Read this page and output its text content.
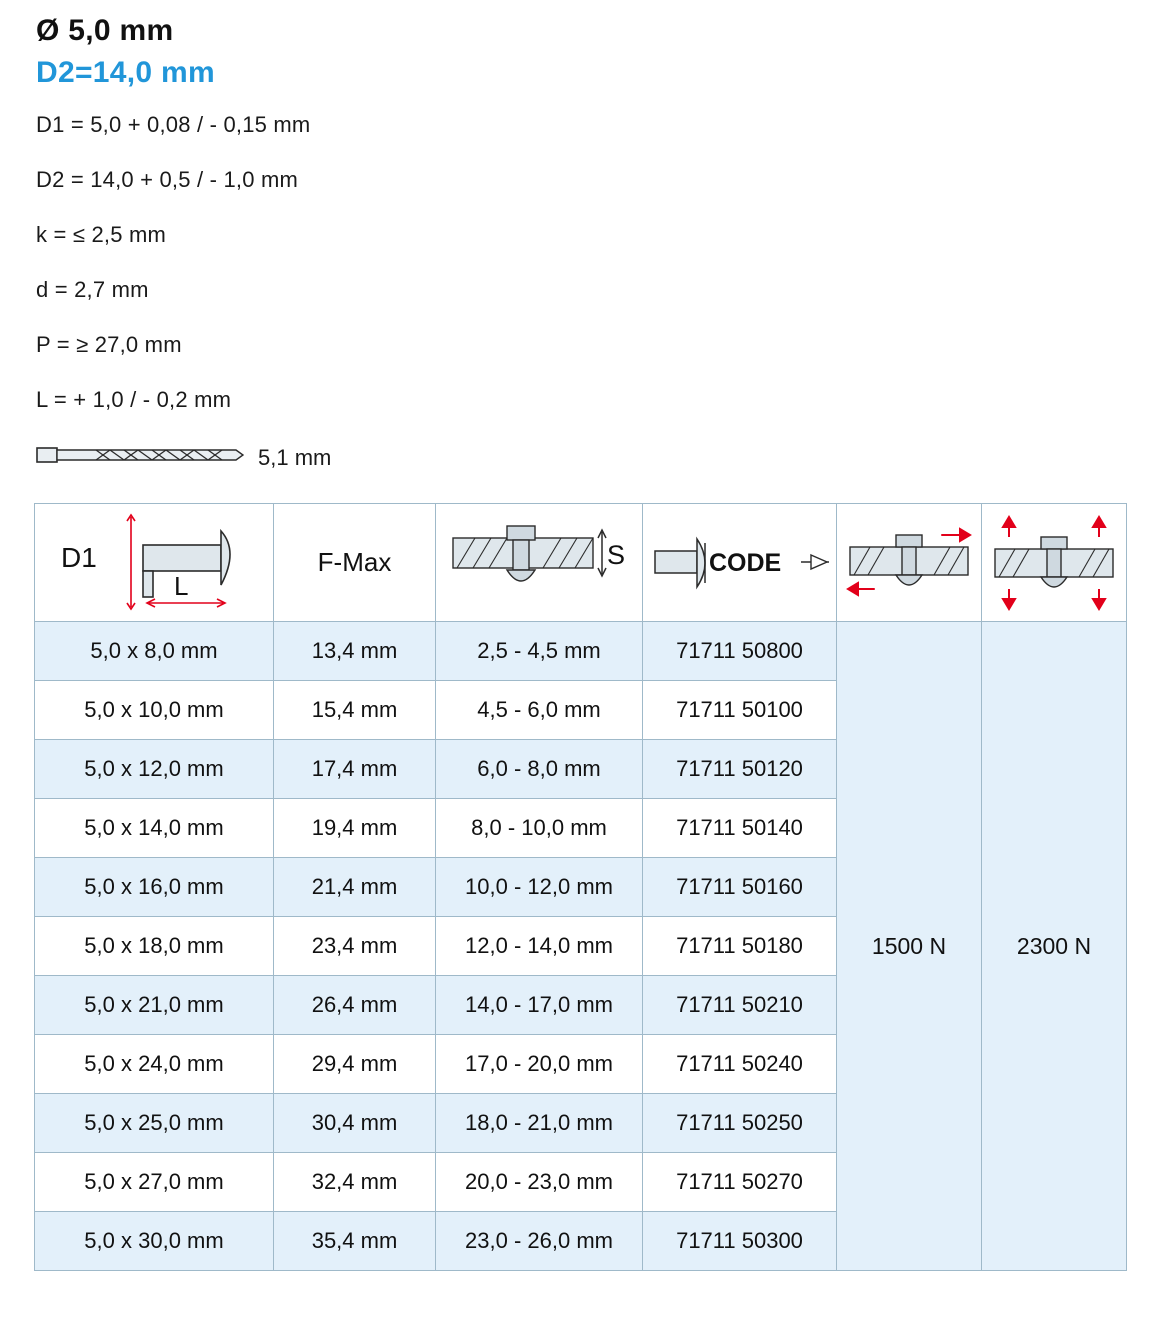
Ø 5,0 mm
D2=14,0 mm
D1 = 5,0 + 0,08 / - 0,15 mm
D2 = 14,0 + 0,5 / - 1,0 mm
k = ≤ 2,5 mm
d = 2,7 mm
P = ≥ 27,0 mm
L = + 1,0 / - 0,2 mm
5,1 mm
D1
L	F-Max	S	CODE

5,0 x 8,0 mm	13,4 mm	2,5 - 4,5 mm	71711 50800	1500 N	2300 N
5,0 x 10,0 mm	15,4 mm	4,5 - 6,0 mm	71711 50100		
5,0 x 12,0 mm	17,4 mm	6,0 - 8,0 mm	71711 50120		
5,0 x 14,0 mm	19,4 mm	8,0 - 10,0 mm	71711 50140		
5,0 x 16,0 mm	21,4 mm	10,0 - 12,0 mm	71711 50160		
5,0 x 18,0 mm	23,4 mm	12,0 - 14,0 mm	71711 50180		
5,0 x 21,0 mm	26,4 mm	14,0 - 17,0 mm	71711 50210		
5,0 x 24,0 mm	29,4 mm	17,0 - 20,0 mm	71711 50240		
5,0 x 25,0 mm	30,4 mm	18,0 - 21,0 mm	71711 50250		
5,0 x 27,0 mm	32,4 mm	20,0 - 23,0 mm	71711 50270		
5,0 x 30,0 mm	35,4 mm	23,0 - 26,0 mm	71711 50300		
